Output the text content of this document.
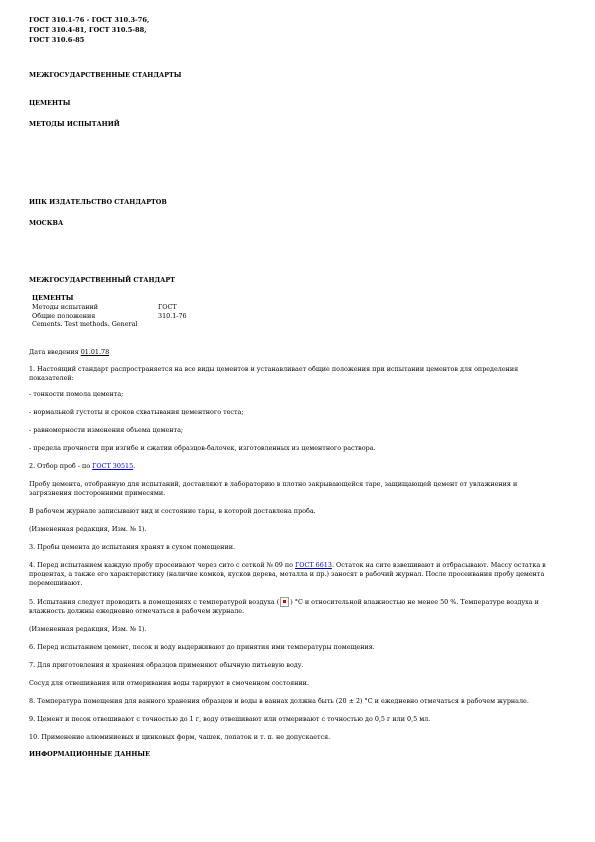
ГОСТ 310.1-76 - ГОСТ 310.3-76,
ГОСТ 310.4-81, ГОСТ 310.5-88,
ГОСТ 310.6-85
МЕЖГОСУДАРСТВЕННЫЕ СТАНДАРТЫ
ЦЕМЕНТЫ
МЕТОДЫ ИСПЫТАНИЙ
ИПК ИЗДАТЕЛЬСТВО СТАНДАРТОВ
МОСКВА
МЕЖГОСУДАРСТВЕННЫЙ СТАНДАРТ
ЦЕМЕНТЫ
Методы испытаний	ГОСТ
Общие положения	310.1-76
Cements. Test methods. General	

Дата введения 01.01.78

1. Настоящий стандарт распространяется на все виды цементов и устанавливает общие положения при испытании цементов для определения показателей:

- тонкости помола цемента;

- нормальной густоты и сроков схватывания цементного теста;

- равномерности изменения объема цемента;

- предела прочности при изгибе и сжатии образцов-балочек, изготовленных из цементного раствора.

2. Отбор проб - по ГОСТ 30515.

Пробу цемента, отобранную для испытаний, доставляют в лабораторию в плотно закрывающейся таре, защищающей цемент от увлажнения и загрязнения посторонними примесями.

В рабочем журнале записывают вид и состояние тары, в которой доставлена проба.

(Измененная редакция, Изм. № 1).

3. Пробы цемента до испытания хранят в сухом помещении.

4. Перед испытанием каждую пробу просеивают через сито с сеткой № 09 по ГОСТ 6613. Остаток на сите взвешивают и отбрасывают. Массу остатка в процентах, а также его характеристику (наличие комков, кусков дерева, металла и пр.) заносят в рабочий журнал. После просеивания пробу цемента перемешивают.

5. Испытания следует проводить в помещениях с температурой воздуха ( ) °С и относительной влажностью не менее 50 %. Температуре воздуха и влажность должны ежедневно отмечаться в рабочем журнале.

(Измененная редакция, Изм. № 1).

6. Перед испытанием цемент, песок и воду выдерживают до принятия ими температуры помещения.

7. Для приготовления и хранения образцов применяют обычную питьевую воду.

Сосуд для отвешивания или отмеривания воды тарируют в смоченном состоянии.

8. Температура помещения для ванного хранения образцов и воды в ваннах должна быть (20 ± 2) °С и ежедневно отмечаться в рабочем журнале.

9. Цемент и песок отвешивают с точностью до 1 г, воду отвешивают или отмеривают с точностью до 0,5 г или 0,5 мл.

10. Применение алюминиевых и цинковых форм, чашек, лопаток и т. п. не допускается.

ИНФОРМАЦИОННЫЕ ДАННЫЕ
